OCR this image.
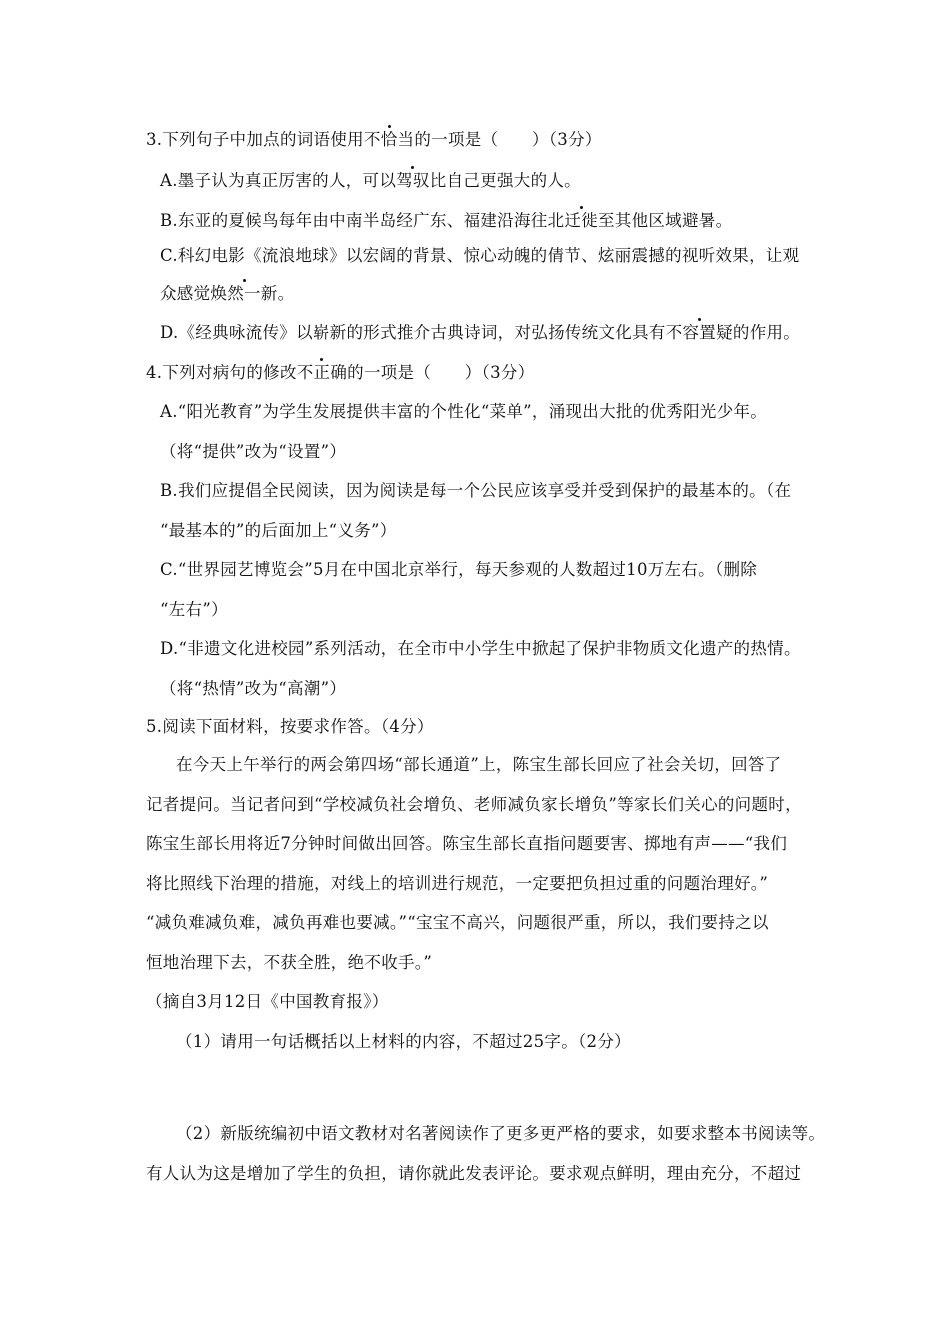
3.下列句子中加点的词语使用不恰当的一项是（　　）（3分）
A.墨子认为真正厉害的人，可以驾驭比自己更强大的人。
B.东亚的夏候鸟每年由中南半岛经广东、福建沿海往北迁徙至其他区域避暑。
C.科幻电影《流浪地球》以宏阔的背景、惊心动魄的倩节、炫丽震撼的视听效果，让观
众感觉焕然一新。
D.《经典咏流传》以崭新的形式推介古典诗词，对弘扬传统文化具有不容置疑的作用。
4.下列对病句的修改不正确的一项是（　　）（3分）
A.“阳光教育”为学生发展提供丰富的个性化“菜单”，涌现出大批的优秀阳光少年。
（将“提供”改为“设置”）
B.我们应提倡全民阅读，因为阅读是每一个公民应该享受并受到保护的最基本的。（在
“最基本的”的后面加上“义务”）
C.“世界园艺博览会”5月在中国北京举行，每天参观的人数超过10万左右。（删除
“左右”）
D.“非遗文化进校园”系列活动，在全市中小学生中掀起了保护非物质文化遗产的热情。
（将“热情”改为“高潮”）
5.阅读下面材料，按要求作答。（4分）
在今天上午举行的两会第四场“部长通道”上，陈宝生部长回应了社会关切，回答了
记者提问。当记者问到“学校减负社会增负、老师减负家长增负”等家长们关心的问题时，
陈宝生部长用将近7分钟时间做出回答。陈宝生部长直指问题要害、掷地有声——“我们
将比照线下治理的措施，对线上的培训进行规范，一定要把负担过重的问题治理好。”
“减负难减负难，减负再难也要减。”“宝宝不高兴，问题很严重，所以，我们要持之以
恒地治理下去，不获全胜，绝不收手。”
（摘自3月12日《中国教育报》）
（1）请用一句话概括以上材料的内容，不超过25字。（2分）
（2）新版统编初中语文教材对名著阅读作了更多更严格的要求，如要求整本书阅读等。
有人认为这是增加了学生的负担，请你就此发表评论。要求观点鲜明，理由充分，不超过
